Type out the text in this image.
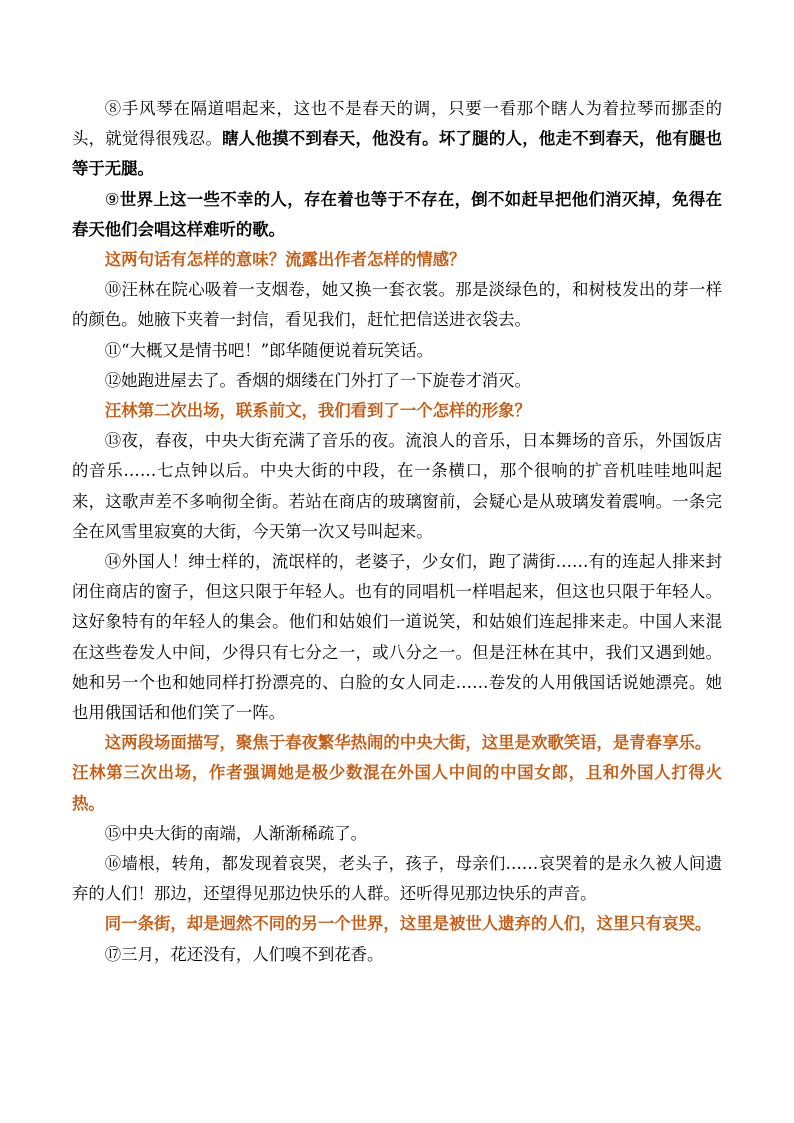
⑧手风琴在隔道唱起来，这也不是春天的调，只要一看那个瞎人为着拉琴而挪歪的头，就觉得很残忍。瞎人他摸不到春天，他没有。坏了腿的人，他走不到春天，他有腿也等于无腿。

⑨世界上这一些不幸的人，存在着也等于不存在，倒不如赶早把他们消灭掉，免得在春天他们会唱这样难听的歌。

这两句话有怎样的意味？流露出作者怎样的情感？

⑩汪林在院心吸着一支烟卷，她又换一套衣裳。那是淡绿色的，和树枝发出的芽一样的颜色。她腋下夹着一封信，看见我们，赶忙把信送进衣袋去。

⑪“大概又是情书吧！”郎华随便说着玩笑话。

⑫她跑进屋去了。香烟的烟缕在门外打了一下旋卷才消灭。

汪林第二次出场，联系前文，我们看到了一个怎样的形象？

⑬夜，春夜，中央大街充满了音乐的夜。流浪人的音乐，日本舞场的音乐，外国饭店的音乐……七点钟以后。中央大街的中段，在一条横口，那个很响的扩音机哇哇地叫起来，这歌声差不多响彻全街。若站在商店的玻璃窗前，会疑心是从玻璃发着震响。一条完全在风雪里寂寞的大街，今天第一次又号叫起来。

⑭外国人！绅士样的，流氓样的，老婆子，少女们，跑了满街……有的连起人排来封闭住商店的窗子，但这只限于年轻人。也有的同唱机一样唱起来，但这也只限于年轻人。这好象特有的年轻人的集会。他们和姑娘们一道说笑，和姑娘们连起排来走。中国人来混在这些卷发人中间，少得只有七分之一，或八分之一。但是汪林在其中，我们又遇到她。她和另一个也和她同样打扮漂亮的、白脸的女人同走……卷发的人用俄国话说她漂亮。她也用俄国话和他们笑了一阵。

这两段场面描写，聚焦于春夜繁华热闹的中央大街，这里是欢歌笑语，是青春享乐。

汪林第三次出场，作者强调她是极少数混在外国人中间的中国女郎，且和外国人打得火热。

⑮中央大街的南端，人渐渐稀疏了。

⑯墙根，转角，都发现着哀哭，老头子，孩子，母亲们……哀哭着的是永久被人间遗弃的人们！那边，还望得见那边快乐的人群。还听得见那边快乐的声音。

同一条街，却是迥然不同的另一个世界，这里是被世人遗弃的人们，这里只有哀哭。

⑰三月，花还没有，人们嗅不到花香。
